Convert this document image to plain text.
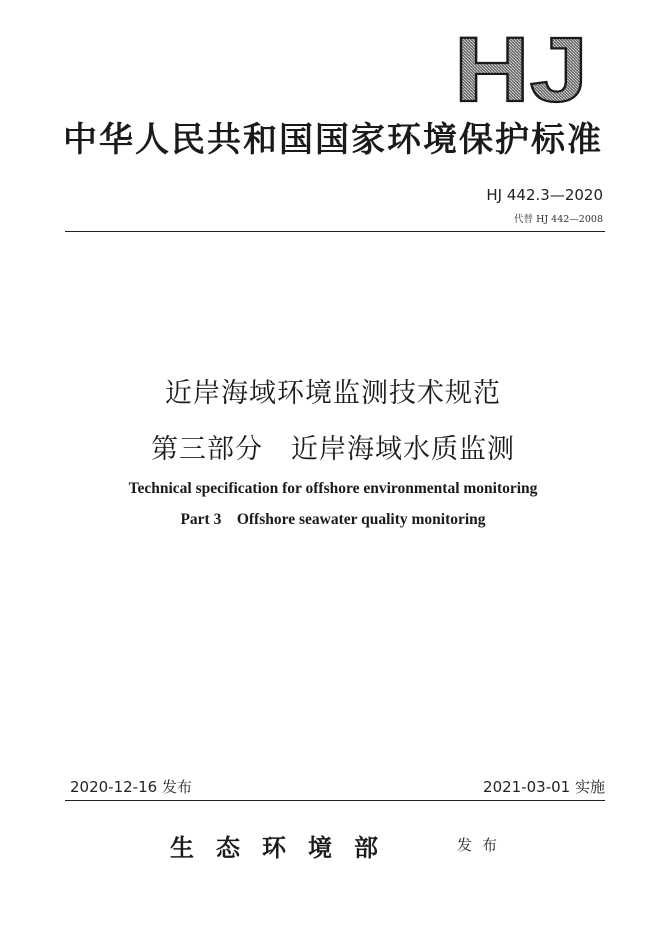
HJ
中华人民共和国国家环境保护标准
HJ 442.3—2020
代替 HJ 442—2008
近岸海域环境监测技术规范
第三部分　近岸海域水质监测
Technical specification for offshore environmental monitoring
Part 3　Offshore seawater quality monitoring
2020-12-16 发布	2021-03-01 实施
生态环境部	发布
